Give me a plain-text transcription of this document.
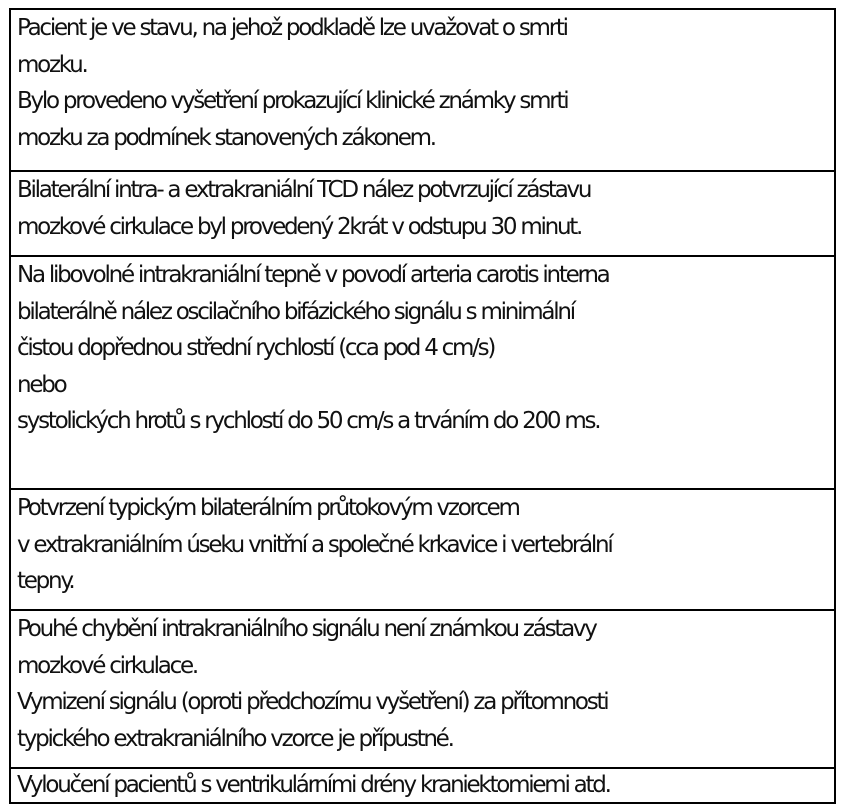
Pacient je ve stavu, na jehož podkladě lze uvažovat o smrti
mozku.
Bylo provedeno vyšetření prokazující klinické známky smrti
mozku za podmínek stanovených zákonem.
Bilaterální intra- a extrakraniální TCD nález potvrzující zástavu
mozkové cirkulace byl provedený 2krát v odstupu 30 minut.
Na libovolné intrakraniální tepně v povodí arteria carotis interna
bilaterálně nález oscilačního bifázického signálu s minimální
čistou dopřednou střední rychlostí (cca pod 4 cm/s)
nebo
systolických hrotů s rychlostí do 50 cm/s a trváním do 200 ms.
Potvrzení typickým bilaterálním průtokovým vzorcem
v extrakraniálním úseku vnitřní a společné krkavice i vertebrální
tepny.
Pouhé chybění intrakraniálního signálu není známkou zástavy
mozkové cirkulace.
Vymizení signálu (oproti předchozímu vyšetření) za přítomnosti
typického extrakraniálního vzorce je přípustné.
Vyloučení pacientů s ventrikulárními drény kraniektomiemi atd.
